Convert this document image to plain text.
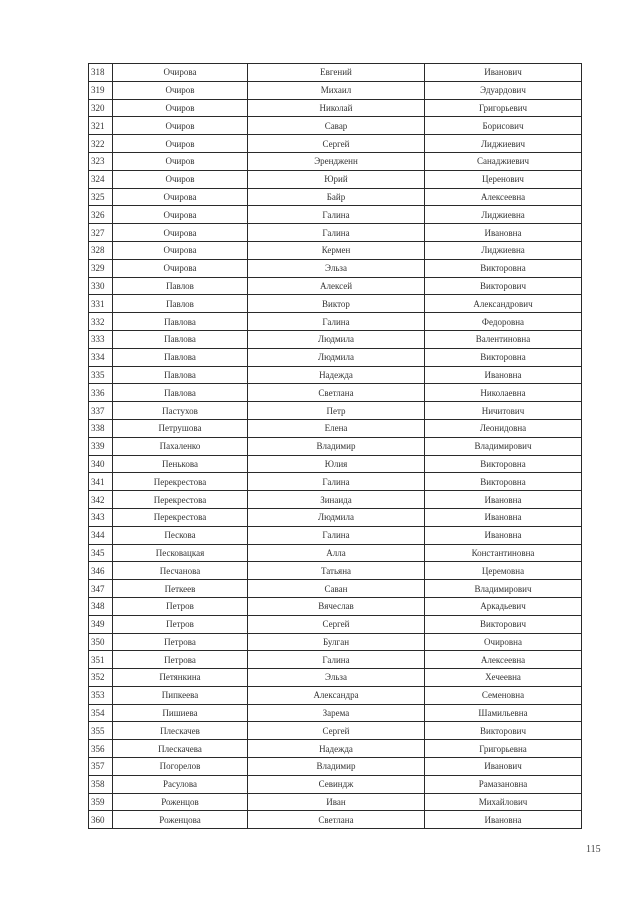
318	Очирова	Евгений	Иванович
319	Очиров	Михаил	Эдуардович
320	Очиров	Николай	Григорьевич
321	Очиров	Савар	Борисович
322	Очиров	Сергей	Лиджиевич
323	Очиров	Эрендженн	Санаджиевич
324	Очиров	Юрий	Церенович
325	Очирова	Байр	Алексеевна
326	Очирова	Галина	Лиджиевна
327	Очирова	Галина	Ивановна
328	Очирова	Кермен	Лиджиевна
329	Очирова	Эльза	Викторовна
330	Павлов	Алексей	Викторович
331	Павлов	Виктор	Александрович
332	Павлова	Галина	Федоровна
333	Павлова	Людмила	Валентиновна
334	Павлова	Людмила	Викторовна
335	Павлова	Надежда	Ивановна
336	Павлова	Светлана	Николаевна
337	Пастухов	Петр	Ничитович
338	Петрушова	Елена	Леонидовна
339	Пахаленко	Владимир	Владимирович
340	Пенькова	Юлия	Викторовна
341	Перекрестова	Галина	Викторовна
342	Перекрестова	Зинаида	Ивановна
343	Перекрестова	Людмила	Ивановна
344	Пескова	Галина	Ивановна
345	Песковацкая	Алла	Константиновна
346	Песчанова	Татьяна	Церемовна
347	Петкеев	Саван	Владимирович
348	Петров	Вячеслав	Аркадьевич
349	Петров	Сергей	Викторович
350	Петрова	Булган	Очировна
351	Петрова	Галина	Алексеевна
352	Петянкина	Эльза	Хечеевна
353	Пипкеева	Александра	Семеновна
354	Пишиева	Зарема	Шамильевна
355	Плескачев	Сергей	Викторович
356	Плескачева	Надежда	Григорьевна
357	Погорелов	Владимир	Иванович
358	Расулова	Севиндж	Рамазановна
359	Роженцов	Иван	Михайлович
360	Роженцова	Светлана	Ивановна
115
